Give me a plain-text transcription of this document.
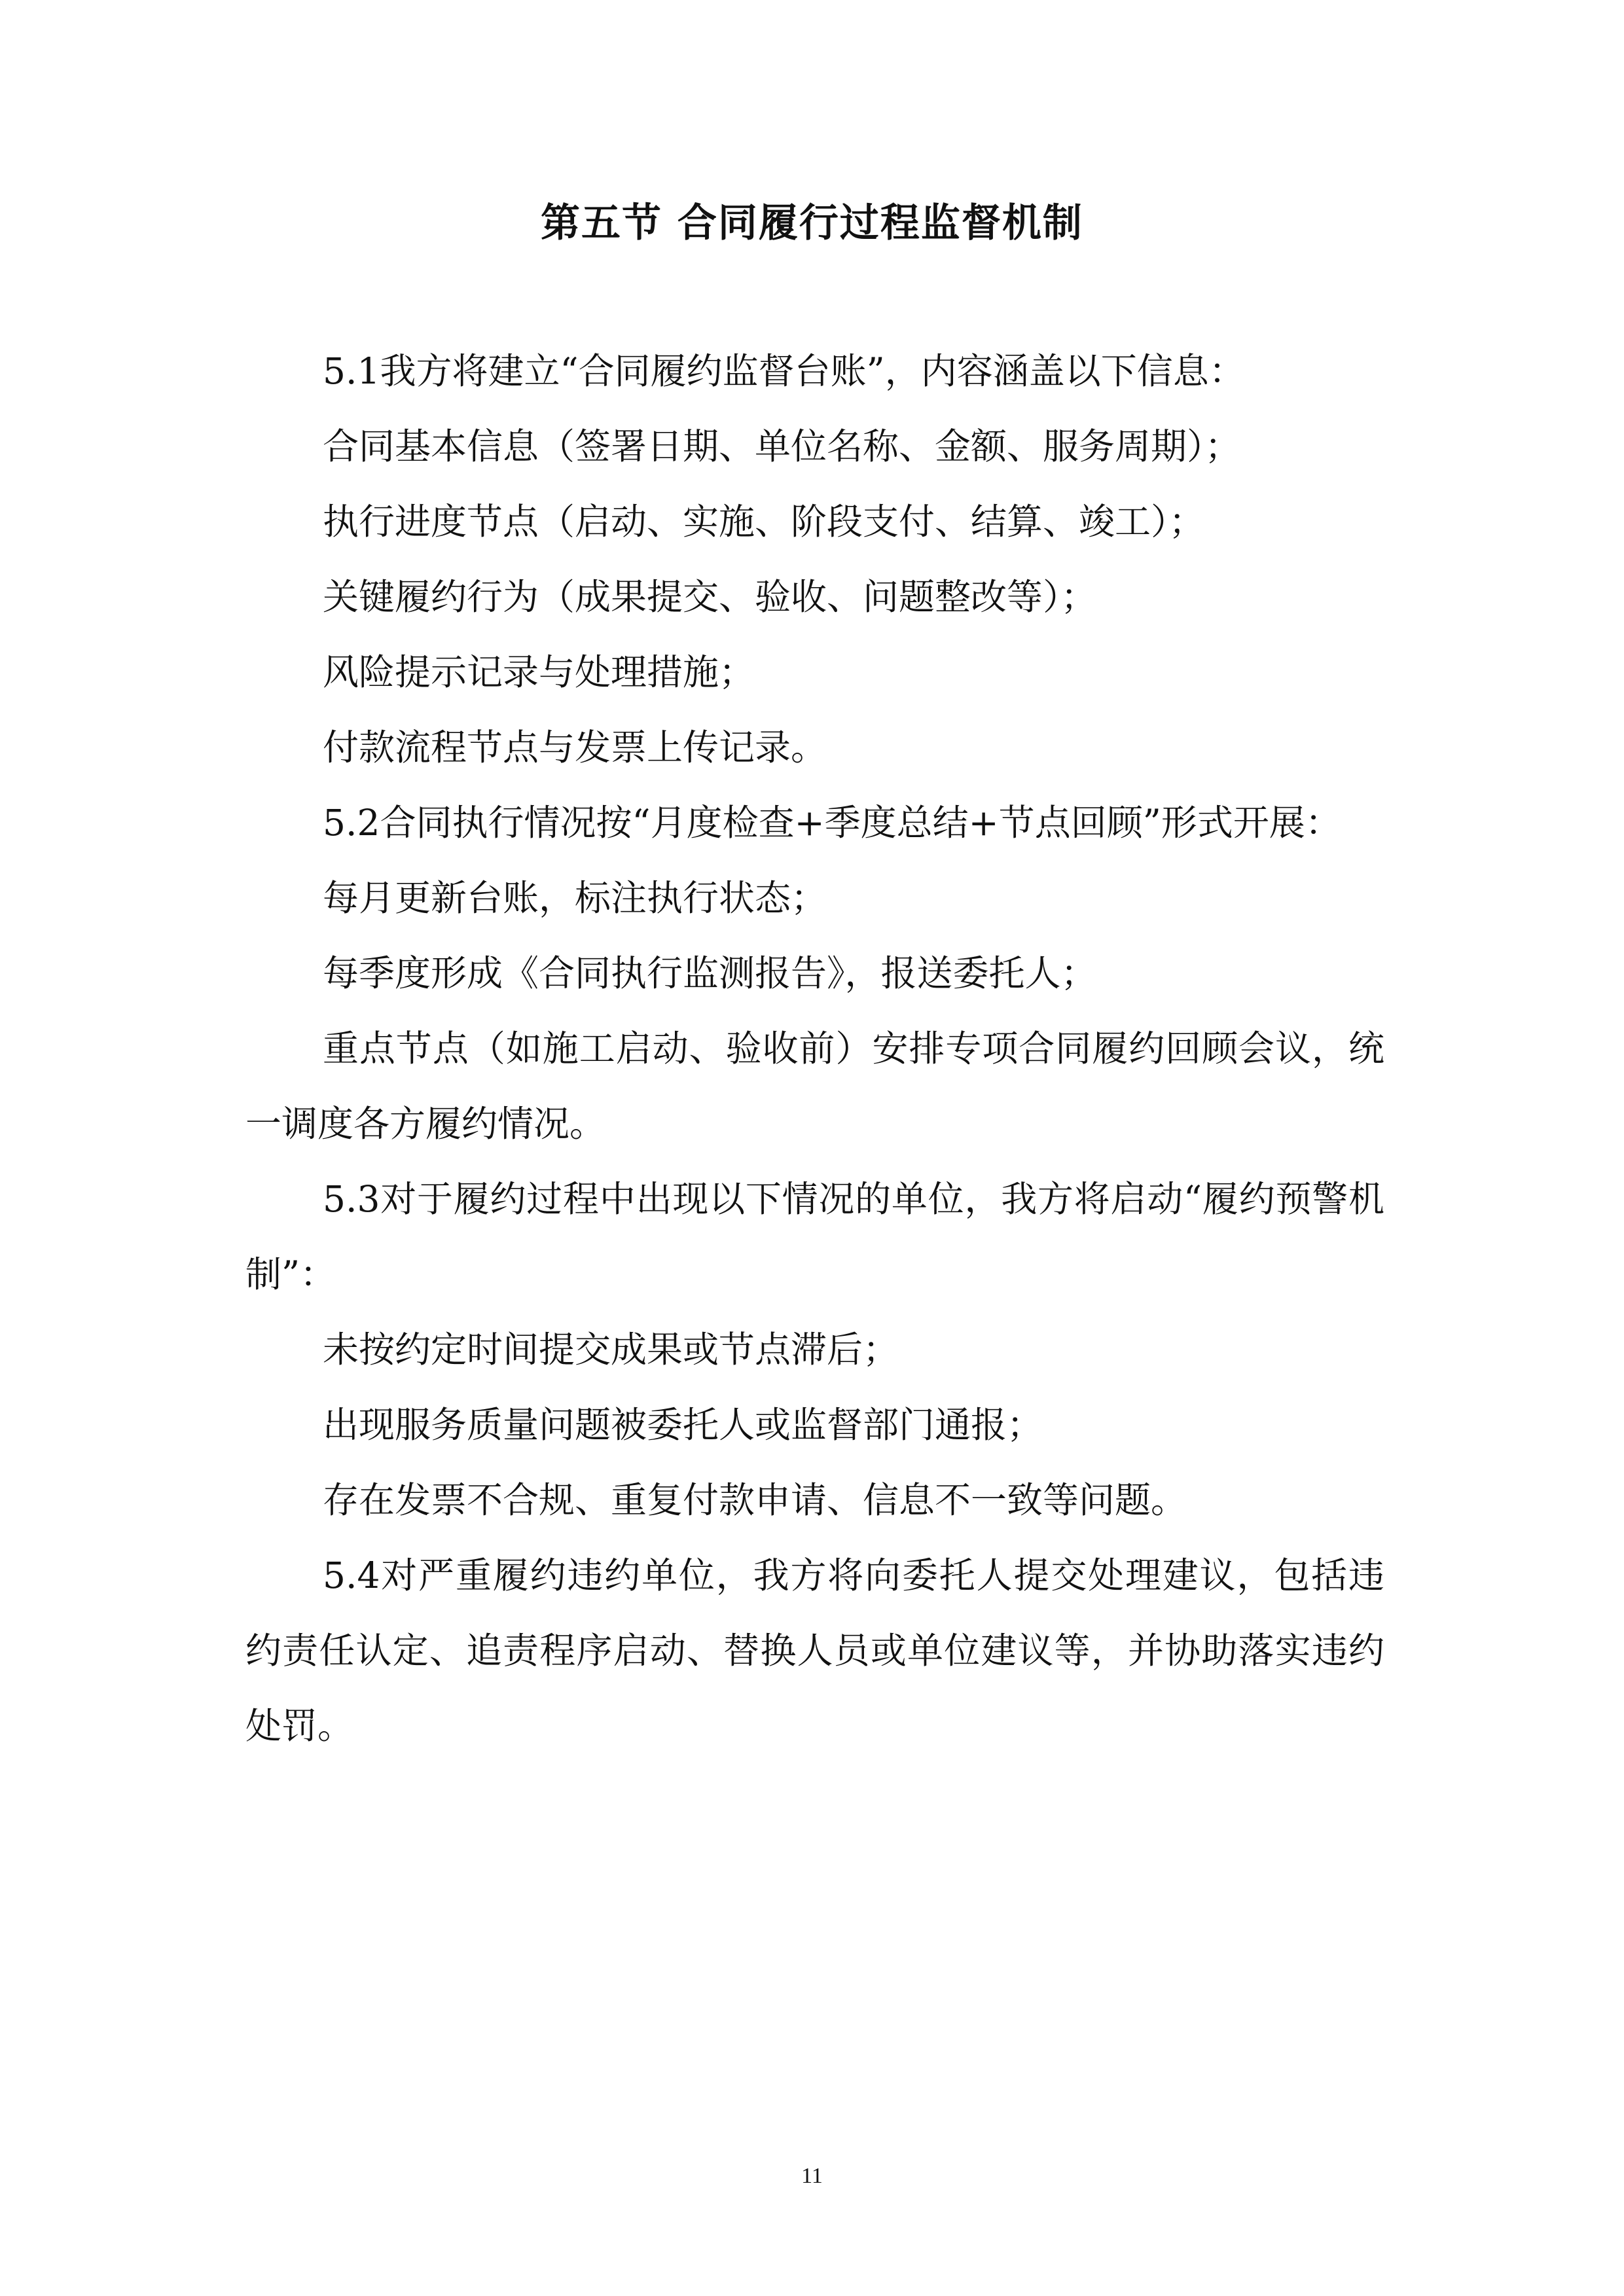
第五节 合同履行过程监督机制

5.1我方将建立“合同履约监督台账”，内容涵盖以下信息：

合同基本信息（签署日期、单位名称、金额、服务周期）；

执行进度节点（启动、实施、阶段支付、结算、竣工）；

关键履约行为（成果提交、验收、问题整改等）；

风险提示记录与处理措施；

付款流程节点与发票上传记录。

5.2合同执行情况按“月度检查+季度总结+节点回顾”形式开展：

每月更新台账，标注执行状态；

每季度形成《合同执行监测报告》，报送委托人；

重点节点（如施工启动、验收前）安排专项合同履约回顾会议，统一调度各方履约情况。

5.3对于履约过程中出现以下情况的单位，我方将启动“履约预警机制”：

未按约定时间提交成果或节点滞后；

出现服务质量问题被委托人或监督部门通报；

存在发票不合规、重复付款申请、信息不一致等问题。

5.4对严重履约违约单位，我方将向委托人提交处理建议，包括违约责任认定、追责程序启动、替换人员或单位建议等，并协助落实违约处罚。

11
